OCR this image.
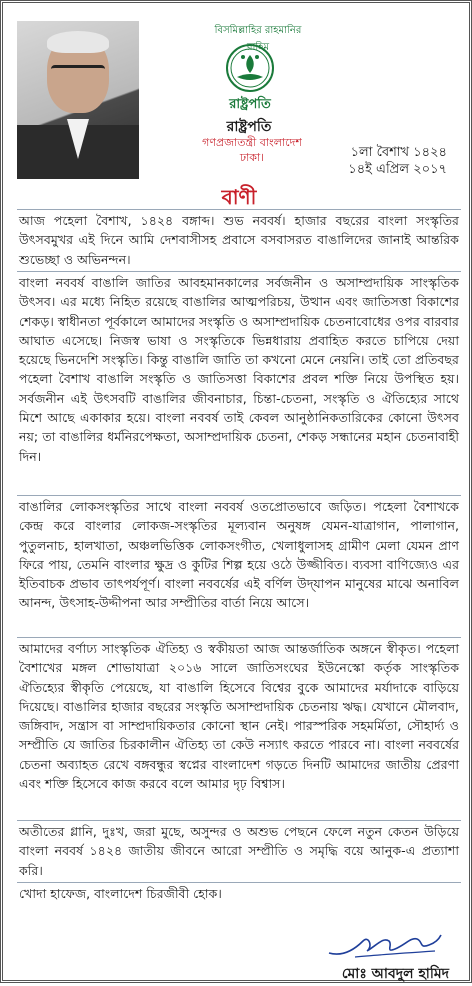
বিসমিল্লাহির রাহমানির রাহিম
রাষ্ট্রপতি
রাষ্ট্রপতি
গণপ্রজাতন্ত্রী বাংলাদেশ
ঢাকা।	১লা বৈশাখ ১৪২৪
১৪ই এপ্রিল ২০১৭
বাণী
আজ পহেলা বৈশাখ, ১৪২৪ বঙ্গাব্দ। শুভ নববর্ষ। হাজার বছরের বাংলা সংস্কৃতির উৎসবমুখর এই দিনে আমি দেশবাসীসহ প্রবাসে বসবাসরত বাঙালিদের জানাই আন্তরিক শুভেচ্ছা ও অভিনন্দন।
বাংলা নববর্ষ বাঙালি জাতির আবহমানকালের সর্বজনীন ও অসাম্প্রদায়িক সাংস্কৃতিক উৎসব। এর মধ্যে নিহিত রয়েছে বাঙালির আত্মপরিচয়, উত্থান এবং জাতিসত্তা বিকাশের শেকড়। স্বাধীনতা পূর্বকালে আমাদের সংস্কৃতি ও অসাম্প্রদায়িক চেতনাবোধের ওপর বারবার আঘাত এসেছে। নিজস্ব ভাষা ও সংস্কৃতিকে ভিন্নধারায় প্রবাহিত করতে চাপিয়ে দেয়া হয়েছে ভিনদেশি সংস্কৃতি। কিন্তু বাঙালি জাতি তা কখনো মেনে নেয়নি। তাই তো প্রতিবছর পহেলা বৈশাখ বাঙালি সংস্কৃতি ও জাতিসত্তা বিকাশের প্রবল শক্তি নিয়ে উপস্থিত হয়। সর্বজনীন এই উৎসবটি বাঙালির জীবনাচার, চিন্তা-চেতনা, সংস্কৃতি ও ঐতিহ্যের সাথে মিশে আছে একাকার হয়ে। বাংলা নববর্ষ তাই কেবল আনুষ্ঠানিকতারিকের কোনো উৎসব নয়; তা বাঙালির ধর্মনিরপেক্ষতা, অসাম্প্রদায়িক চেতনা, শেকড় সন্ধানের মহান চেতনাবাহী দিন।
বাঙালির লোকসংস্কৃতির সাথে বাংলা নববর্ষ ওতপ্রোতভাবে জড়িত। পহেলা বৈশাখকে কেন্দ্র করে বাংলার লোকজ-সংস্কৃতির মূল্যবান অনুষঙ্গ যেমন-যাত্রাগান, পালাগান, পুতুলনাচ, হালখাতা, অঞ্চলভিত্তিক লোকসংগীত, খেলাধুলাসহ গ্রামীণ মেলা যেমন প্রাণ ফিরে পায়, তেমনি বাংলার ক্ষুদ্র ও কুটির শিল্প হয়ে ওঠে উজ্জীবিত। ব্যবসা বাণিজ্যেও এর ইতিবাচক প্রভাব তাৎপর্যপূর্ণ। বাংলা নববর্ষের এই বর্ণিল উদ্‌যাপন মানুষের মাঝে অনাবিল আনন্দ, উৎসাহ-উদ্দীপনা আর সম্প্রীতির বার্তা নিয়ে আসে।
আমাদের বর্ণাঢ্য সাংস্কৃতিক ঐতিহ্য ও স্বকীয়তা আজ আন্তর্জাতিক অঙ্গনে স্বীকৃত। পহেলা বৈশাখের মঙ্গল শোভাযাত্রা ২০১৬ সালে জাতিসংঘের ইউনেস্কো কর্তৃক সাংস্কৃতিক ঐতিহ্যের স্বীকৃতি পেয়েছে, যা বাঙালি হিসেবে বিশ্বের বুকে আমাদের মর্যাদাকে বাড়িয়ে দিয়েছে। বাঙালির হাজার বছরের সংস্কৃতি অসাম্প্রদায়িক চেতনায় ঋদ্ধ। যেখানে মৌলবাদ, জঙ্গিবাদ, সন্ত্রাস বা সাম্প্রদায়িকতার কোনো স্থান নেই। পারস্পরিক সহমর্মিতা, সৌহার্দ্য ও সম্প্রীতি যে জাতির চিরকালীন ঐতিহ্য তা কেউ নস্যাৎ করতে পারবে না। বাংলা নববর্ষের চেতনা অব্যাহত রেখে বঙ্গবন্ধুর স্বপ্নের বাংলাদেশ গড়তে দিনটি আমাদের জাতীয় প্রেরণা এবং শক্তি হিসেবে কাজ করবে বলে আমার দৃঢ় বিশ্বাস।
অতীতের গ্লানি, দুঃখ, জরা মুছে, অসুন্দর ও অশুভ পেছনে ফেলে নতুন কেতন উড়িয়ে বাংলা নববর্ষ ১৪২৪ জাতীয় জীবনে আরো সম্প্রীতি ও সমৃদ্ধি বয়ে আনুক-এ প্রত্যাশা করি।
খোদা হাফেজ, বাংলাদেশ চিরজীবী হোক।
মোঃ আবদুল হামিদ
